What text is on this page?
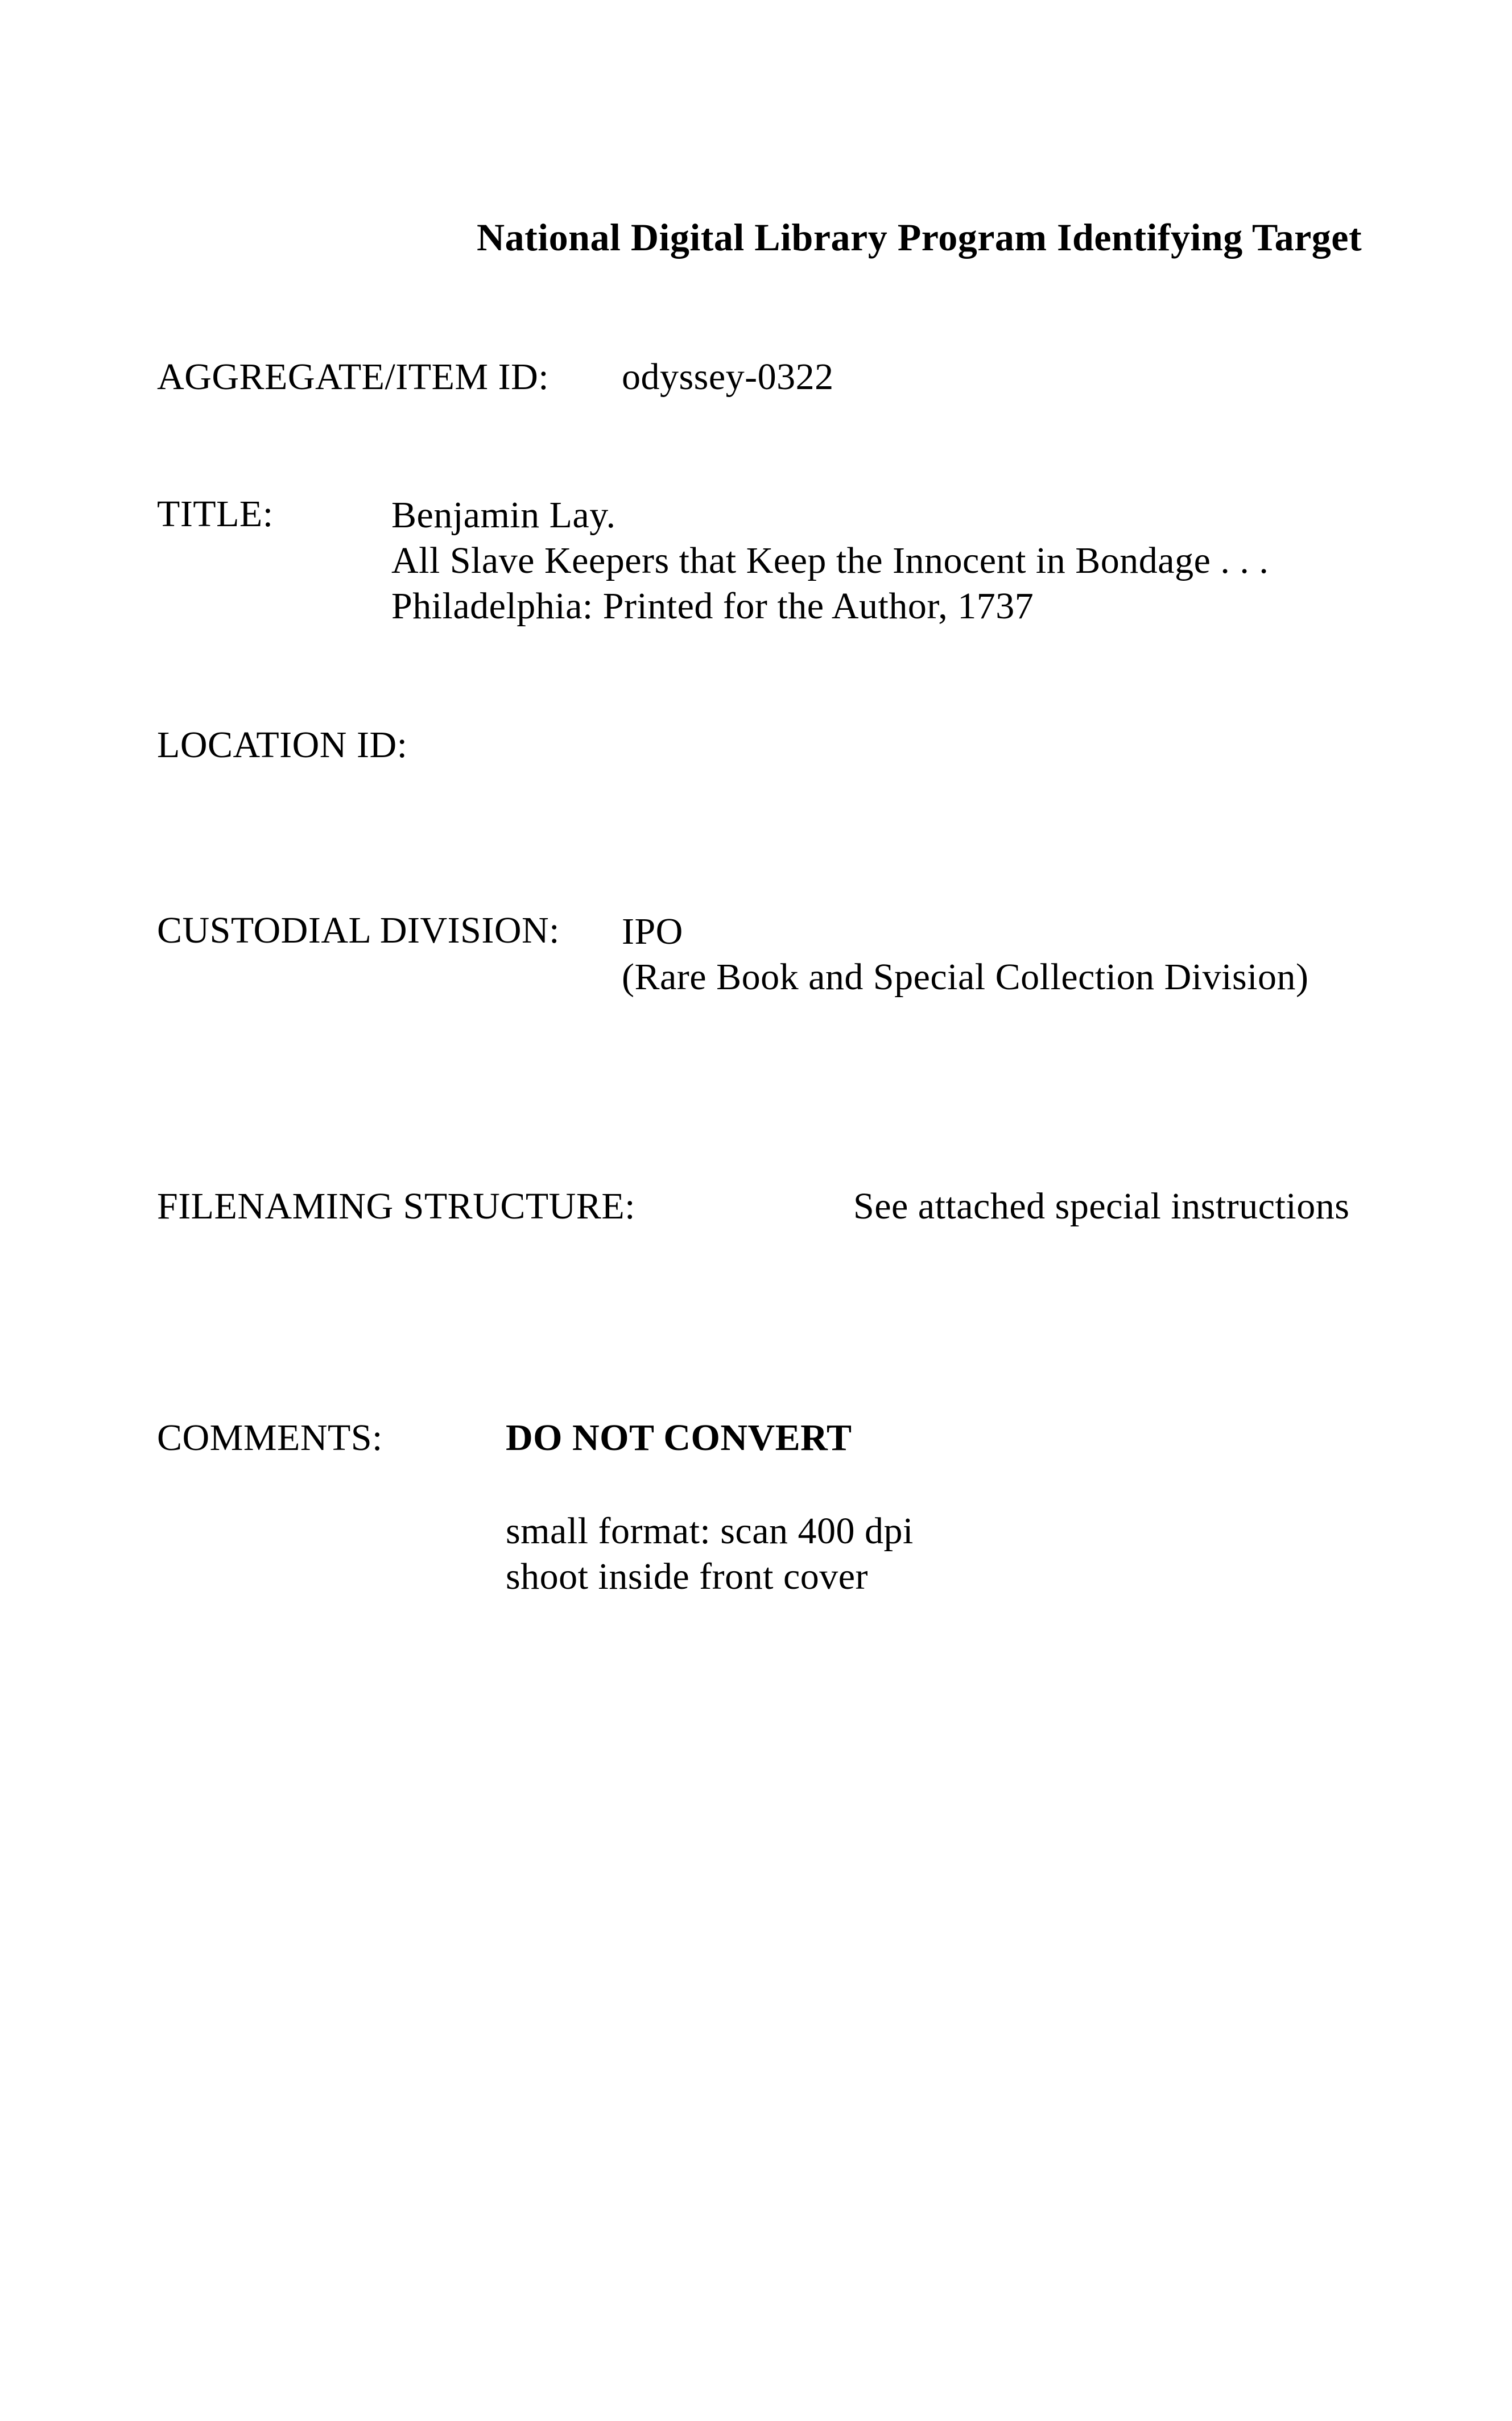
National Digital Library Program Identifying Target
AGGREGATE/ITEM ID: odyssey-0322
TITLE:	Benjamin Lay.
All Slave Keepers that Keep the Innocent in Bondage . . .
Philadelphia: Printed for the Author, 1737
LOCATION ID:
CUSTODIAL DIVISION: IPO
(Rare Book and Special Collection Division)
FILENAMING STRUCTURE:	See attached special instructions
COMMENTS:	DO NOT CONVERT
small format: scan 400 dpi
shoot inside front cover
